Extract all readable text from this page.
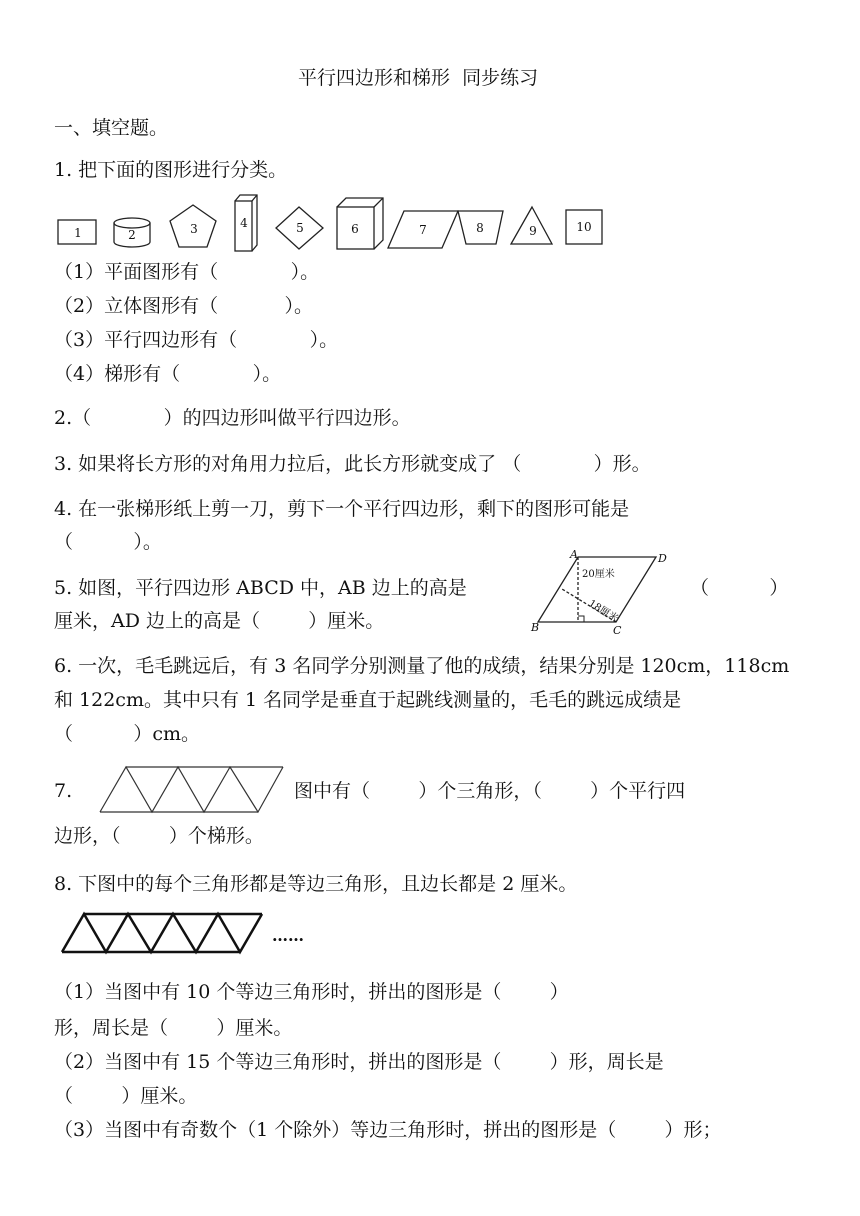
平行四边形和梯形  同步练习
一、填空题。
1. 把下面的图形进行分类。
1	2	3	4	5	6	7	8	9	10
（1）平面图形有（            ）。
（2）立体图形有（           ）。
（3）平行四边形有（            ）。
（4）梯形有（            ）。
2.（            ）的四边形叫做平行四边形。
3. 如果将长方形的对角用力拉后，此长方形就变成了 （            ）形。
4. 在一张梯形纸上剪一刀，剪下一个平行四边形，剩下的图形可能是
（          ）。
5. 如图，平行四边形 ABCD 中，AB 边上的高是	（          ）
厘米，AD 边上的高是（        ）厘米。
A	D
B	C
20厘米
18厘米
6. 一次，毛毛跳远后，有 3 名同学分别测量了他的成绩，结果分别是 120cm，118cm
和 122cm。其中只有 1 名同学是垂直于起跳线测量的，毛毛的跳远成绩是
（          ）cm。
7.	图中有（        ）个三角形，（        ）个平行四
边形，（        ）个梯形。
8. 下图中的每个三角形都是等边三角形，且边长都是 2 厘米。
……
（1）当图中有 10 个等边三角形时，拼出的图形是（        ）
形，周长是（        ）厘米。
（2）当图中有 15 个等边三角形时，拼出的图形是（        ）形，周长是
（        ）厘米。
（3）当图中有奇数个（1 个除外）等边三角形时，拼出的图形是（        ）形；
